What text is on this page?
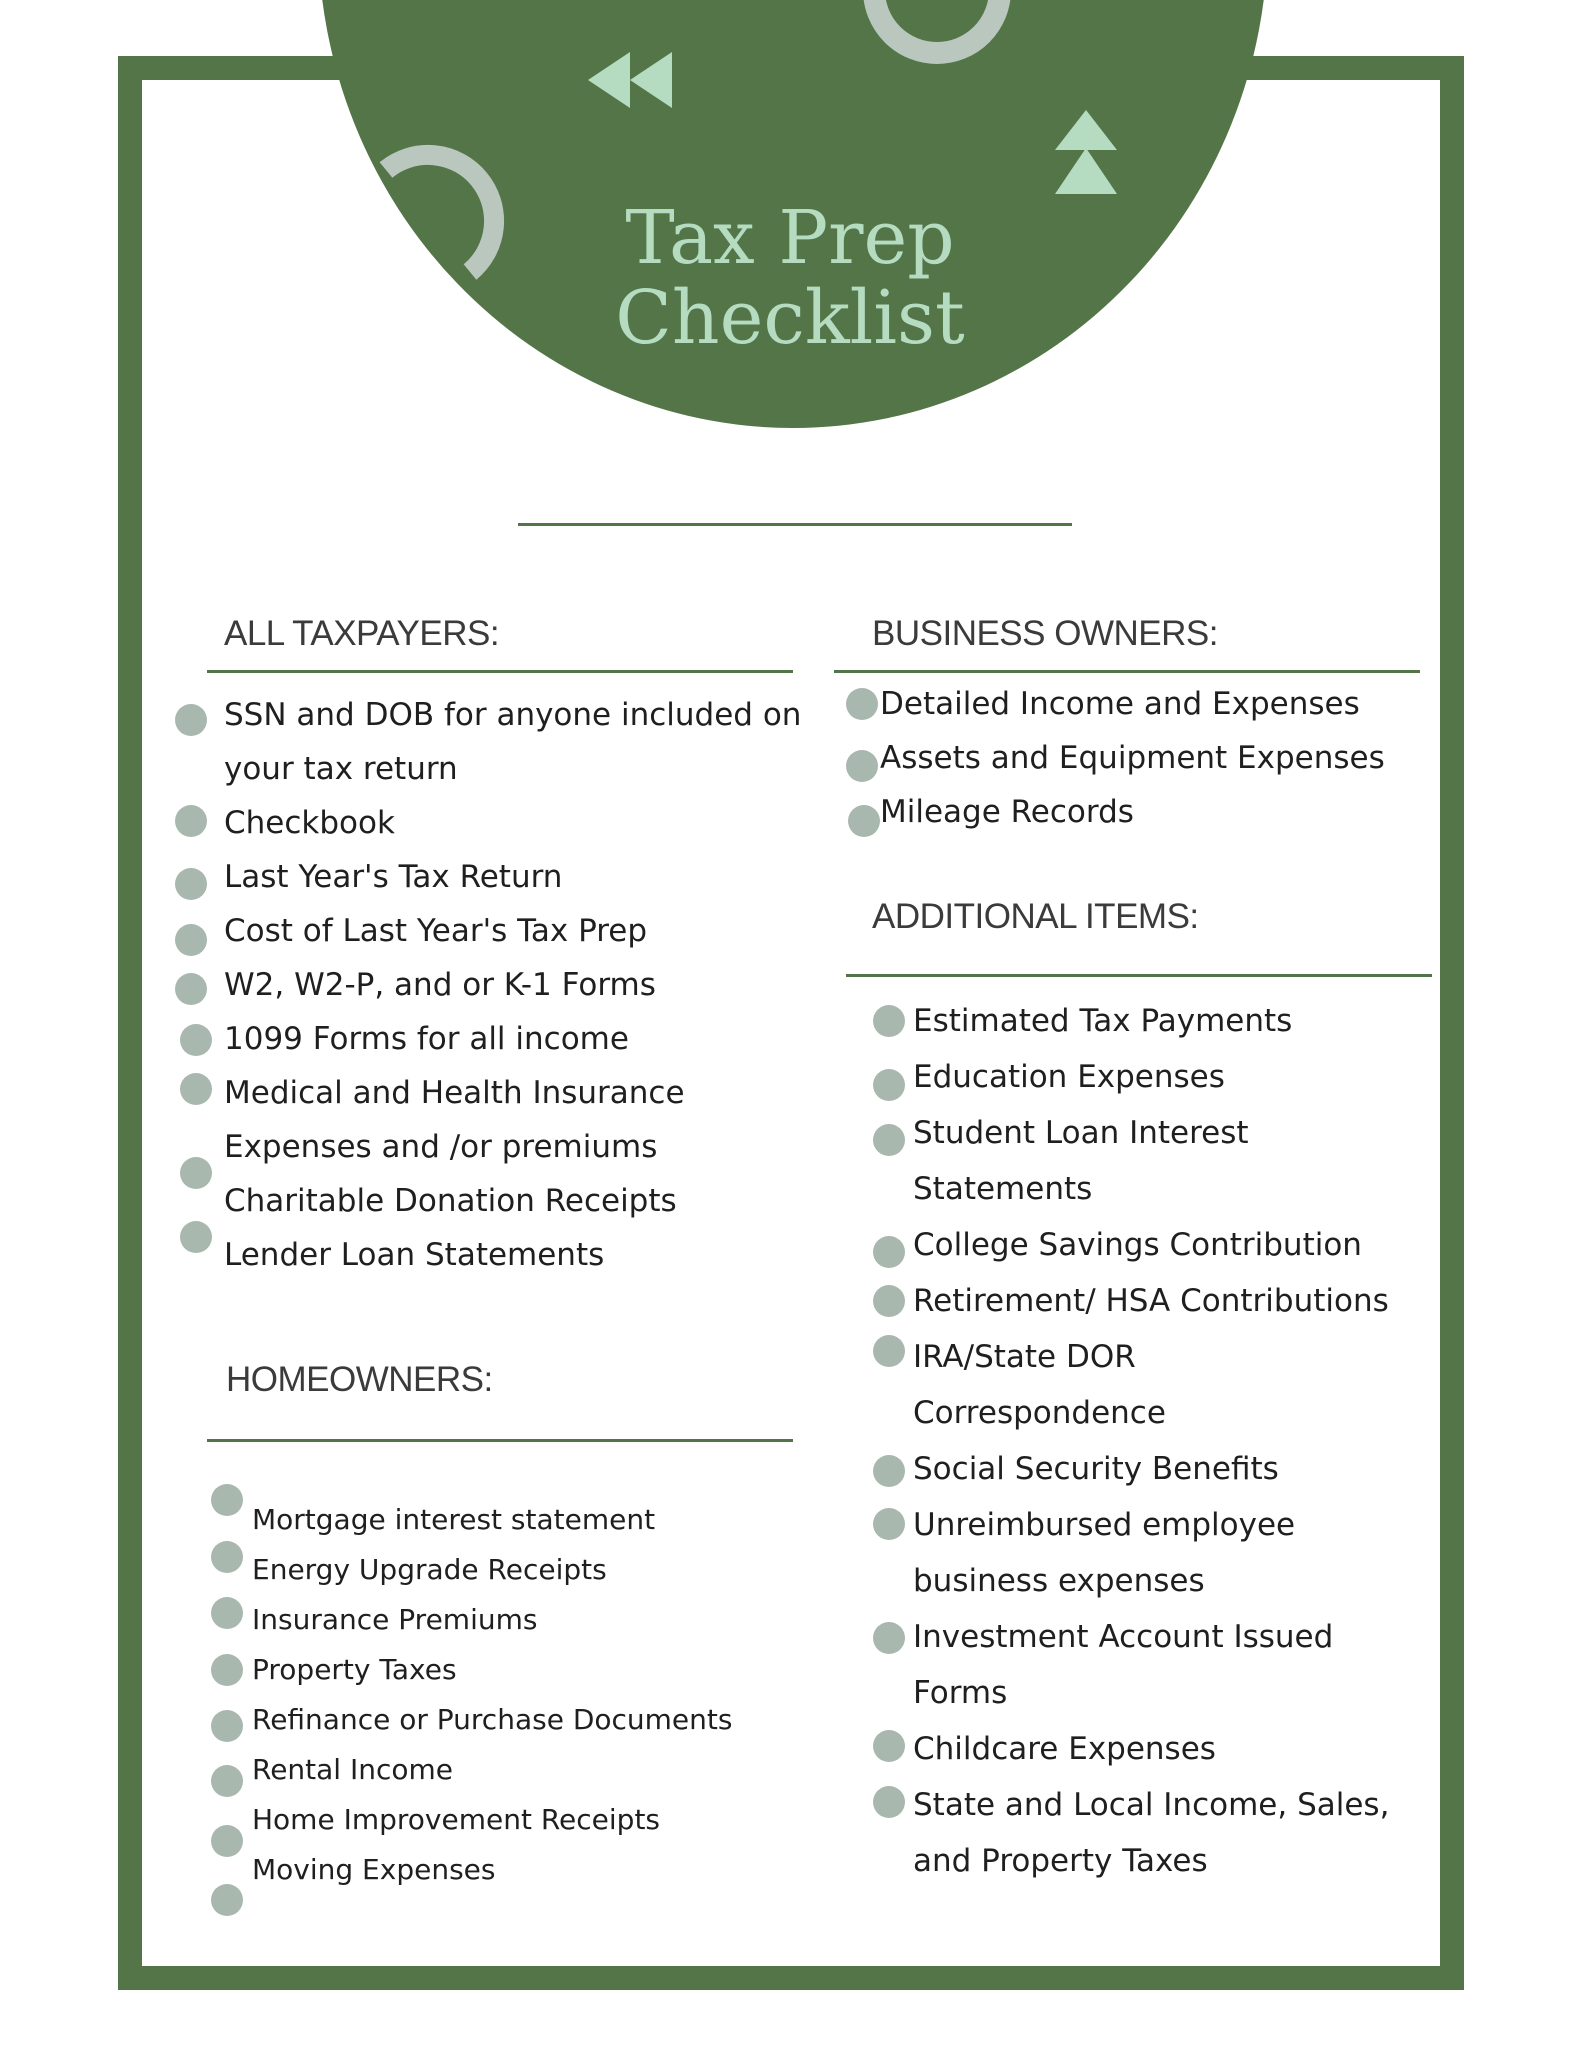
Tax Prep
Checklist
ALL TAXPAYERS:
SSN and DOB for anyone included on
your tax return
Checkbook
Last Year's Tax Return
Cost of Last Year's Tax Prep
W2, W2-P, and or K-1 Forms
1099 Forms for all income
Medical and Health Insurance
Expenses and /or premiums
Charitable Donation Receipts
Lender Loan Statements
HOMEOWNERS:
Mortgage interest statement
Energy Upgrade Receipts
Insurance Premiums
Property Taxes
Refinance or Purchase Documents
Rental Income
Home Improvement Receipts
Moving Expenses
BUSINESS OWNERS:
Detailed Income and Expenses
Assets and Equipment Expenses
Mileage Records
ADDITIONAL ITEMS:
Estimated Tax Payments
Education Expenses
Student Loan Interest
Statements
College Savings Contribution
Retirement/ HSA Contributions
IRA/State DOR
Correspondence
Social Security Benefits
Unreimbursed employee
business expenses
Investment Account Issued
Forms
Childcare Expenses
State and Local Income, Sales,
and Property Taxes
